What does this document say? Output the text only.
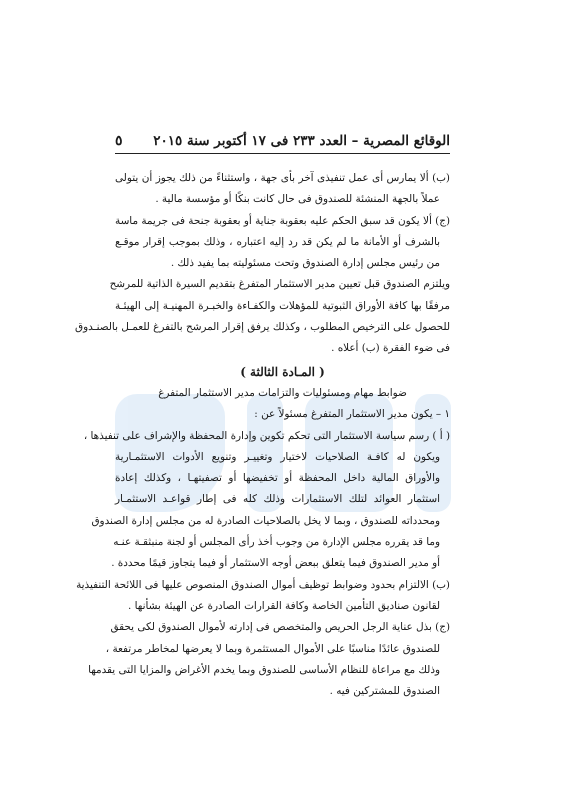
الوقائع المصرية – العدد ٢٣٣ فى ١٧ أكتوبر سنة ٢٠١٥
٥

(ب) ألا يمارس أى عمل تنفيذى آخر بأى جهة ، واستثناءً من ذلك يجوز أن يتولى
عملاً بالجهة المنشئة للصندوق فى حال كانت بنكًا أو مؤسسة مالية .

(ج) ألا يكون قد سبق الحكم عليه بعقوبة جناية أو بعقوبة جنحة فى جريمة ماسة
بالشرف أو الأمانة ما لم يكن قد رد إليه اعتباره ، وذلك بموجب إقرار موقـع
من رئيس مجلس إدارة الصندوق وتحت مسئوليته بما يفيد ذلك .

ويلتزم الصندوق قبل تعيين مدير الاستثمار المتفرغ بتقديم السيرة الذاتية للمرشح
مرفقًا بها كافة الأوراق الثبوتية للمؤهلات والكفـاءة والخبـرة المهنيـة إلى الهيئـة
للحصول على الترخيص المطلوب ، وكذلك يرفق إقرار المرشح بالتفرغ للعمـل بالصنـدوق
فى ضوء الفقرة (ب) أعلاه .

( المـادة الثالثة )

ضوابط مهام ومسئوليات والتزامات مدير الاستثمار المتفرغ

١ – يكون مدير الاستثمار المتفرغ مسئولاً عن :

( أ ) رسم سياسة الاستثمار التى تحكم تكوين وإدارة المحفظة والإشراف على تنفيذها ،
ويكون له كافـة الصلاحيات لاختيار وتغييـر وتنويع الأدوات الاستثمـارية
والأوراق المالية داخل المحفظة أو تخفيضها أو تصفيتهـا ، وكذلك إعادة
استثمار العوائد لتلك الاستثمارات وذلك كله فى إطار قواعـد الاستثمـار
ومحدداته للصندوق ، وبما لا يخل بالصلاحيات الصادرة له من مجلس إدارة الصندوق
وما قد يقرره مجلس الإدارة من وجوب أخذ رأى المجلس أو لجنة منبثقـة عنـه
أو مدير الصندوق فيما يتعلق ببعض أوجه الاستثمار أو فيما يتجاوز قيمًا محددة .

(ب) الالتزام بحدود وضوابط توظيف أموال الصندوق المنصوص عليها فى اللائحة التنفيذية
لقانون صناديق التأمين الخاصة وكافة القرارات الصادرة عن الهيئة بشأنها .

(ج) بذل عناية الرجل الحريص والمتخصص فى إدارته لأموال الصندوق لكى يحقق
للصندوق عائدًا مناسبًا على الأموال المستثمرة وبما لا يعرضها لمخاطر مرتفعة ،
وذلك مع مراعاة للنظام الأساسى للصندوق وبما يخدم الأغراض والمزايا التى يقدمها
الصندوق للمشتركين فيه .
